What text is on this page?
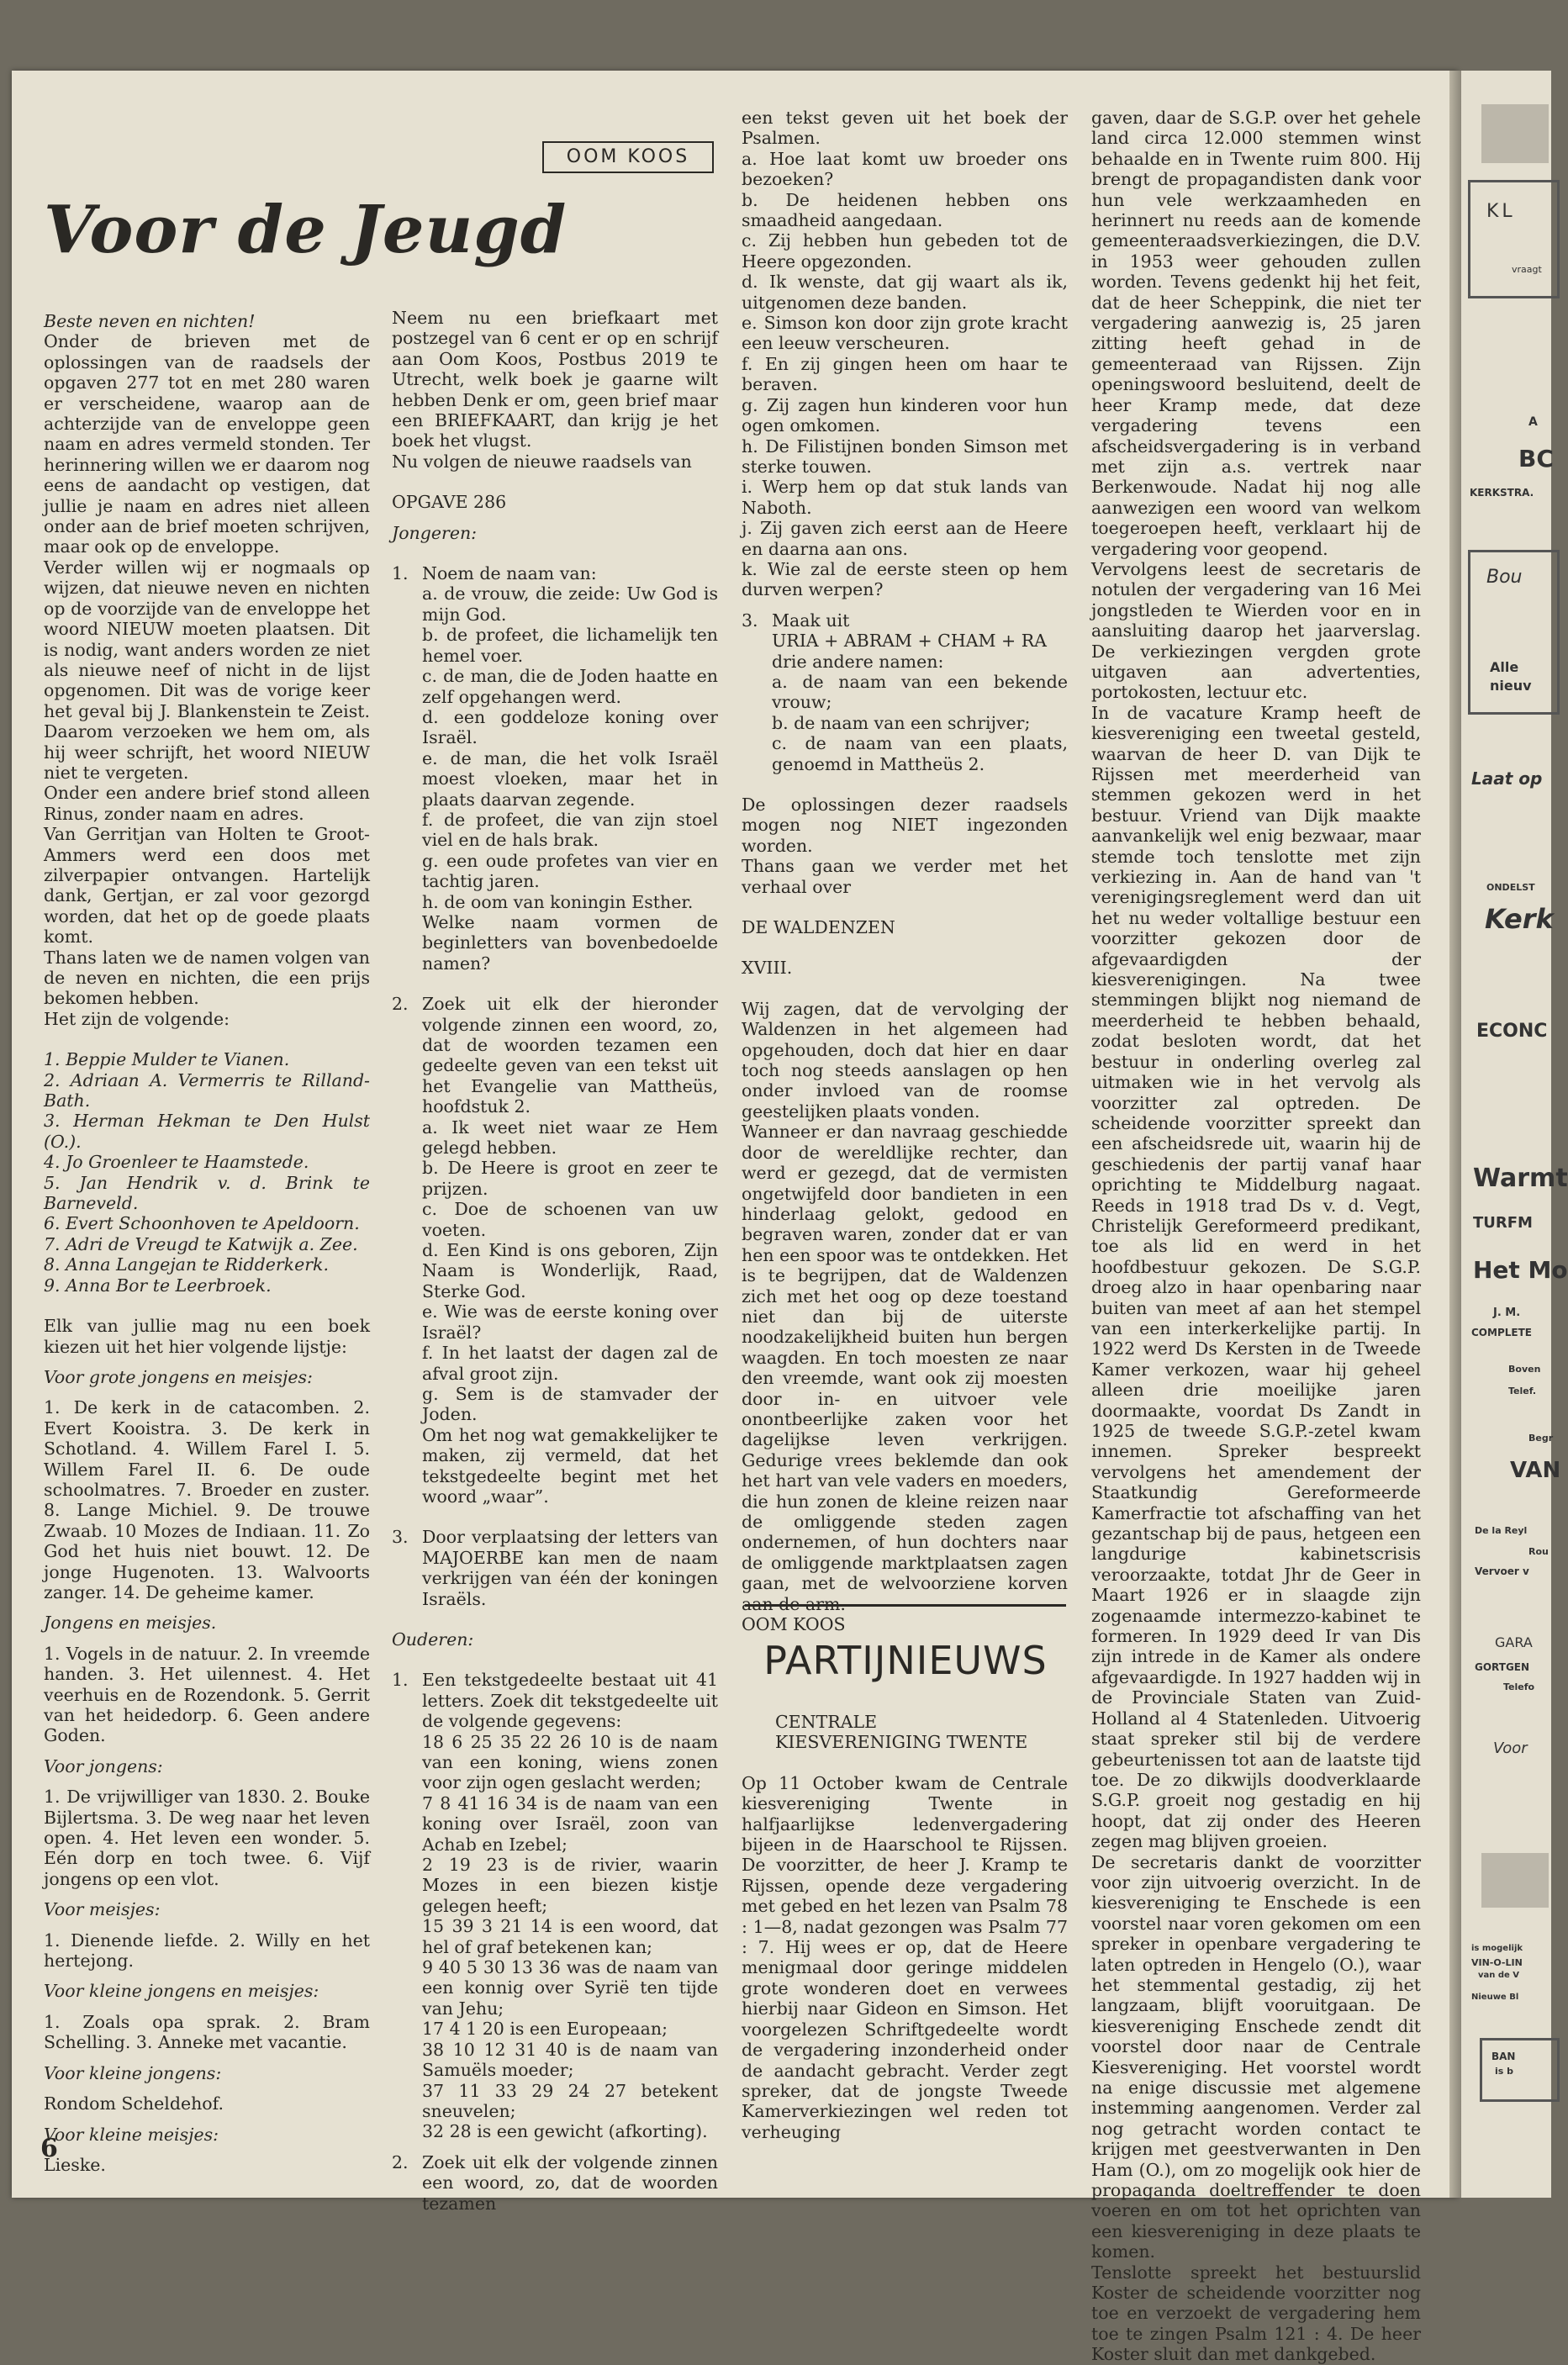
OOM KOOS
Voor de Jeugd

Beste neven en nichten!

Onder de brieven met de oplossingen van de raadsels der opgaven 277 tot en met 280 waren er verscheidene, waarop aan de achterzijde van de enveloppe geen naam en adres vermeld stonden. Ter herinnering willen we er daarom nog eens de aandacht op vestigen, dat jullie je naam en adres niet alleen onder aan de brief moeten schrijven, maar ook op de enveloppe.

Verder willen wij er nogmaals op wijzen, dat nieuwe neven en nichten op de voorzijde van de enveloppe het woord NIEUW moeten plaatsen. Dit is nodig, want anders worden ze niet als nieuwe neef of nicht in de lijst opgenomen. Dit was de vorige keer het geval bij J. Blankenstein te Zeist. Daarom verzoeken we hem om, als hij weer schrijft, het woord NIEUW niet te vergeten.

Onder een andere brief stond alleen Rinus, zonder naam en adres.

Van Gerritjan van Holten te Groot-Ammers werd een doos met zilverpapier ontvangen. Hartelijk dank, Gertjan, er zal voor gezorgd worden, dat het op de goede plaats komt.

Thans laten we de namen volgen van de neven en nichten, die een prijs bekomen hebben.

Het zijn de volgende:

1. Beppie Mulder te Vianen.

2. Adriaan A. Vermerris te Rilland-Bath.

3. Herman Hekman te Den Hulst (O.).

4. Jo Groenleer te Haamstede.

5. Jan Hendrik v. d. Brink te Barneveld.

6. Evert Schoonhoven te Apeldoorn.

7. Adri de Vreugd te Katwijk a. Zee.

8. Anna Langejan te Ridderkerk.

9. Anna Bor te Leerbroek.

Elk van jullie mag nu een boek kiezen uit het hier volgende lijstje:

Voor grote jongens en meisjes:

1. De kerk in de catacomben. 2. Evert Kooistra. 3. De kerk in Schotland. 4. Willem Farel I. 5. Willem Farel II. 6. De oude schoolmatres. 7. Broeder en zuster. 8. Lange Michiel. 9. De trouwe Zwaab. 10 Mozes de Indiaan. 11. Zo God het huis niet bouwt. 12. De jonge Hugenoten. 13. Walvoorts zanger. 14. De geheime kamer.

Jongens en meisjes.

1. Vogels in de natuur. 2. In vreemde handen. 3. Het uilennest. 4. Het veerhuis en de Rozendonk. 5. Gerrit van het heidedorp. 6. Geen andere Goden.

Voor jongens:

1. De vrijwilliger van 1830. 2. Bouke Bijlertsma. 3. De weg naar het leven open. 4. Het leven een wonder. 5. Eén dorp en toch twee. 6. Vijf jongens op een vlot.

Voor meisjes:

1. Dienende liefde. 2. Willy en het hertejong.

Voor kleine jongens en meisjes:

1. Zoals opa sprak. 2. Bram Schelling. 3. Anneke met vacantie.

Voor kleine jongens:

Rondom Scheldehof.

Voor kleine meisjes:

Lieske.

Neem nu een briefkaart met postzegel van 6 cent er op en schrijf aan Oom Koos, Postbus 2019 te Utrecht, welk boek je gaarne wilt hebben Denk er om, geen brief maar een BRIEFKAART, dan krijg je het boek het vlugst.

Nu volgen de nieuwe raadsels van

OPGAVE 286

Jongeren:

1. Noem de naam van:

a. de vrouw, die zeide: Uw God is mijn God.

b. de profeet, die lichamelijk ten hemel voer.

c. de man, die de Joden haatte en zelf opgehangen werd.

d. een goddeloze koning over Israël.

e. de man, die het volk Israël moest vloeken, maar het in plaats daarvan zegende.

f. de profeet, die van zijn stoel viel en de hals brak.

g. een oude profetes van vier en tachtig jaren.

h. de oom van koningin Esther.

Welke naam vormen de beginletters van bovenbedoelde namen?

2. Zoek uit elk der hieronder volgende zinnen een woord, zo, dat de woorden tezamen een gedeelte geven van een tekst uit het Evangelie van Mattheüs, hoofdstuk 2.

a. Ik weet niet waar ze Hem gelegd hebben.

b. De Heere is groot en zeer te prijzen.

c. Doe de schoenen van uw voeten.

d. Een Kind is ons geboren, Zijn Naam is Wonderlijk, Raad, Sterke God.

e. Wie was de eerste koning over Israël?

f. In het laatst der dagen zal de afval groot zijn.

g. Sem is de stamvader der Joden.

Om het nog wat gemakkelijker te maken, zij vermeld, dat het tekstgedeelte begint met het woord „waar”.

3. Door verplaatsing der letters van MAJOERBE kan men de naam verkrijgen van één der koningen Israëls.

Ouderen:

1. Een tekstgedeelte bestaat uit 41 letters. Zoek dit tekstgedeelte uit de volgende gegevens:

18 6 25 35 22 26 10 is de naam van een koning, wiens zonen voor zijn ogen geslacht werden;

7 8 41 16 34 is de naam van een koning over Israël, zoon van Achab en Izebel;

2 19 23 is de rivier, waarin Mozes in een biezen kistje gelegen heeft;

15 39 3 21 14 is een woord, dat hel of graf betekenen kan;

9 40 5 30 13 36 was de naam van een konnig over Syrië ten tijde van Jehu;

17 4 1 20 is een Europeaan;

38 10 12 31 40 is de naam van Samuëls moeder;

37 11 33 29 24 27 betekent sneuvelen;

32 28 is een gewicht (afkorting).

2. Zoek uit elk der volgende zinnen een woord, zo, dat de woorden tezamen

een tekst geven uit het boek der Psalmen.

a. Hoe laat komt uw broeder ons bezoeken?

b. De heidenen hebben ons smaadheid aangedaan.

c. Zij hebben hun gebeden tot de Heere opgezonden.

d. Ik wenste, dat gij waart als ik, uitgenomen deze banden.

e. Simson kon door zijn grote kracht een leeuw verscheuren.

f. En zij gingen heen om haar te beraven.

g. Zij zagen hun kinderen voor hun ogen omkomen.

h. De Filistijnen bonden Simson met sterke touwen.

i. Werp hem op dat stuk lands van Naboth.

j. Zij gaven zich eerst aan de Heere en daarna aan ons.

k. Wie zal de eerste steen op hem durven werpen?

3. Maak uit

URIA + ABRAM + CHAM + RA

drie andere namen:

a. de naam van een bekende vrouw;

b. de naam van een schrijver;

c. de naam van een plaats, genoemd in Mattheüs 2.

De oplossingen dezer raadsels mogen nog NIET ingezonden worden.

Thans gaan we verder met het verhaal over

DE WALDENZEN

XVIII.

Wij zagen, dat de vervolging der Waldenzen in het algemeen had opgehouden, doch dat hier en daar toch nog steeds aanslagen op hen onder invloed van de roomse geestelijken plaats vonden.

Wanneer er dan navraag geschiedde door de wereldlijke rechter, dan werd er gezegd, dat de vermisten ongetwijfeld door bandieten in een hinderlaag gelokt, gedood en begraven waren, zonder dat er van hen een spoor was te ontdekken. Het is te begrijpen, dat de Waldenzen zich met het oog op deze toestand niet dan bij de uiterste noodzakelijkheid buiten hun bergen waagden. En toch moesten ze naar den vreemde, want ook zij moesten door in- en uitvoer vele onontbeerlijke zaken voor het dagelijkse leven verkrijgen. Gedurige vrees beklemde dan ook het hart van vele vaders en moeders, die hun zonen de kleine reizen naar de omliggende steden zagen ondernemen, of hun dochters naar de omliggende marktplaatsen zagen gaan, met de welvoorziene korven aan de arm.

OOM KOOS

PARTIJNIEUWS

CENTRALE KIESVERENIGING TWENTE

Op 11 October kwam de Centrale kiesvereniging Twente in halfjaarlijkse ledenvergadering bijeen in de Haarschool te Rijssen. De voorzitter, de heer J. Kramp te Rijssen, opende deze vergadering met gebed en het lezen van Psalm 78 : 1—8, nadat gezongen was Psalm 77 : 7. Hij wees er op, dat de Heere menigmaal door geringe middelen grote wonderen doet en verwees hierbij naar Gideon en Simson. Het voorgelezen Schriftgedeelte wordt de vergadering inzonderheid onder de aandacht gebracht. Verder zegt spreker, dat de jongste Tweede Kamerverkiezingen wel reden tot verheuging

gaven, daar de S.G.P. over het gehele land circa 12.000 stemmen winst behaalde en in Twente ruim 800. Hij brengt de propagandisten dank voor hun vele werkzaamheden en herinnert nu reeds aan de komende gemeenteraadsverkiezingen, die D.V. in 1953 weer gehouden zullen worden. Tevens gedenkt hij het feit, dat de heer Scheppink, die niet ter vergadering aanwezig is, 25 jaren zitting heeft gehad in de gemeenteraad van Rijssen. Zijn openingswoord besluitend, deelt de heer Kramp mede, dat deze vergadering tevens een afscheidsvergadering is in verband met zijn a.s. vertrek naar Berkenwoude. Nadat hij nog alle aanwezigen een woord van welkom toegeroepen heeft, verklaart hij de vergadering voor geopend.

Vervolgens leest de secretaris de notulen der vergadering van 16 Mei jongstleden te Wierden voor en in aansluiting daarop het jaarverslag. De verkiezingen vergden grote uitgaven aan advertenties, portokosten, lectuur etc.

In de vacature Kramp heeft de kiesvereniging een tweetal gesteld, waarvan de heer D. van Dijk te Rijssen met meerderheid van stemmen gekozen werd in het bestuur. Vriend van Dijk maakte aanvankelijk wel enig bezwaar, maar stemde toch tenslotte met zijn verkiezing in. Aan de hand van 't verenigingsreglement werd dan uit het nu weder voltallige bestuur een voorzitter gekozen door de afgevaardigden der kiesverenigingen. Na twee stemmingen blijkt nog niemand de meerderheid te hebben behaald, zodat besloten wordt, dat het bestuur in onderling overleg zal uitmaken wie in het vervolg als voorzitter zal optreden. De scheidende voorzitter spreekt dan een afscheidsrede uit, waarin hij de geschiedenis der partij vanaf haar oprichting te Middelburg nagaat. Reeds in 1918 trad Ds v. d. Vegt, Christelijk Gereformeerd predikant, toe als lid en werd in het hoofdbestuur gekozen. De S.G.P. droeg alzo in haar openbaring naar buiten van meet af aan het stempel van een interkerkelijke partij. In 1922 werd Ds Kersten in de Tweede Kamer verkozen, waar hij geheel alleen drie moeilijke jaren doormaakte, voordat Ds Zandt in 1925 de tweede S.G.P.-zetel kwam innemen. Spreker bespreekt vervolgens het amendement der Staatkundig Gereformeerde Kamerfractie tot afschaffing van het gezantschap bij de paus, hetgeen een langdurige kabinetscrisis veroorzaakte, totdat Jhr de Geer in Maart 1926 er in slaagde zijn zogenaamde intermezzo-kabinet te formeren. In 1929 deed Ir van Dis zijn intrede in de Kamer als ondere afgevaardigde. In 1927 hadden wij in de Provinciale Staten van Zuid-Holland al 4 Statenleden. Uitvoerig staat spreker stil bij de verdere gebeurtenissen tot aan de laatste tijd toe. De zo dikwijls doodverklaarde S.G.P. groeit nog gestadig en hij hoopt, dat zij onder des Heeren zegen mag blijven groeien.

De secretaris dankt de voorzitter voor zijn uitvoerig overzicht. In de kiesvereniging te Enschede is een voorstel naar voren gekomen om een spreker in openbare vergadering te laten optreden in Hengelo (O.), waar het stemmental gestadig, zij het langzaam, blijft vooruitgaan. De kiesvereniging Enschede zendt dit voorstel door naar de Centrale Kiesvereniging. Het voorstel wordt na enige discussie met algemene instemming aangenomen. Verder zal nog getracht worden contact te krijgen met geestverwanten in Den Ham (O.), om zo mogelijk ook hier de propaganda doeltreffender te doen voeren en om tot het oprichten van een kiesvereniging in deze plaats te komen.

Tenslotte spreekt het bestuurslid Koster de scheidende voorzitter nog toe en verzoekt de vergadering hem toe te zingen Psalm 121 : 4. De heer Koster sluit dan met dankgebed.

6
KL
vraagt
A
BC
KERKSTRA.
Bou
Alle
nieuv
Laat op
ONDELST
Kerk
ECONC
Warmt
TURFM
Het Mo
J. M.
COMPLETE
Boven
Telef.
Begr
VAN
De la Reyl
Rou
Vervoer v
GARA
GORTGEN
Telefo
Voor
is mogelijk
VIN-O-LIN
van de V
Nieuwe Bl
BAN
is b
